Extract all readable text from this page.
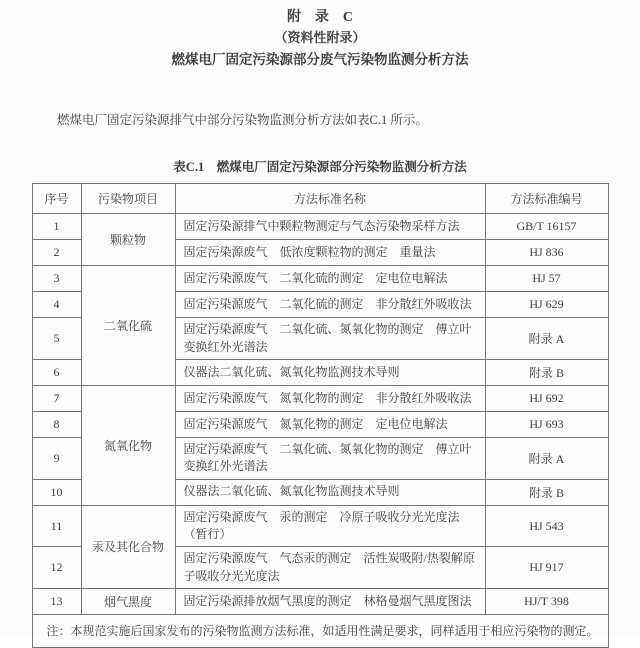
附　录　C
（资料性附录）
燃煤电厂固定污染源部分废气污染物监测分析方法

燃煤电厂固定污染源排气中部分污染物监测分析方法如表C.1 所示。

表C.1　燃煤电厂固定污染源部分污染物监测分析方法
序号	污染物项目	方法标准名称	方法标准编号
1	颗粒物	固定污染源排气中颗粒物测定与气态污染物采样方法	GB/T 16157
2		固定污染源废气　低浓度颗粒物的测定　重量法	HJ 836
3	二氧化硫	固定污染源废气　二氧化硫的测定　定电位电解法	HJ 57
4		固定污染源废气　二氧化硫的测定　非分散红外吸收法	HJ 629
5		固定污染源废气　二氧化硫、氮氧化物的测定　傅立叶变换红外光谱法	附录 A
6		仪器法二氧化硫、氮氧化物监测技术导则	附录 B
7	氮氧化物	固定污染源废气　氮氧化物的测定　非分散红外吸收法	HJ 692
8		固定污染源废气　氮氧化物的测定　定电位电解法	HJ 693
9		固定污染源废气　二氧化硫、氮氧化物的测定　傅立叶变换红外光谱法	附录 A
10		仪器法二氧化硫、氮氧化物监测技术导则	附录 B
11	汞及其化合物	固定污染源废气　汞的测定　冷原子吸收分光光度法（暂行）	HJ 543
12		固定污染源废气　气态汞的测定　活性炭吸附/热裂解原子吸收分光光度法	HJ 917
13	烟气黑度	固定污染源排放烟气黑度的测定　林格曼烟气黑度图法	HJ/T 398
注：本规范实施后国家发布的污染物监测方法标准，如适用性满足要求，同样适用于相应污染物的测定。			
